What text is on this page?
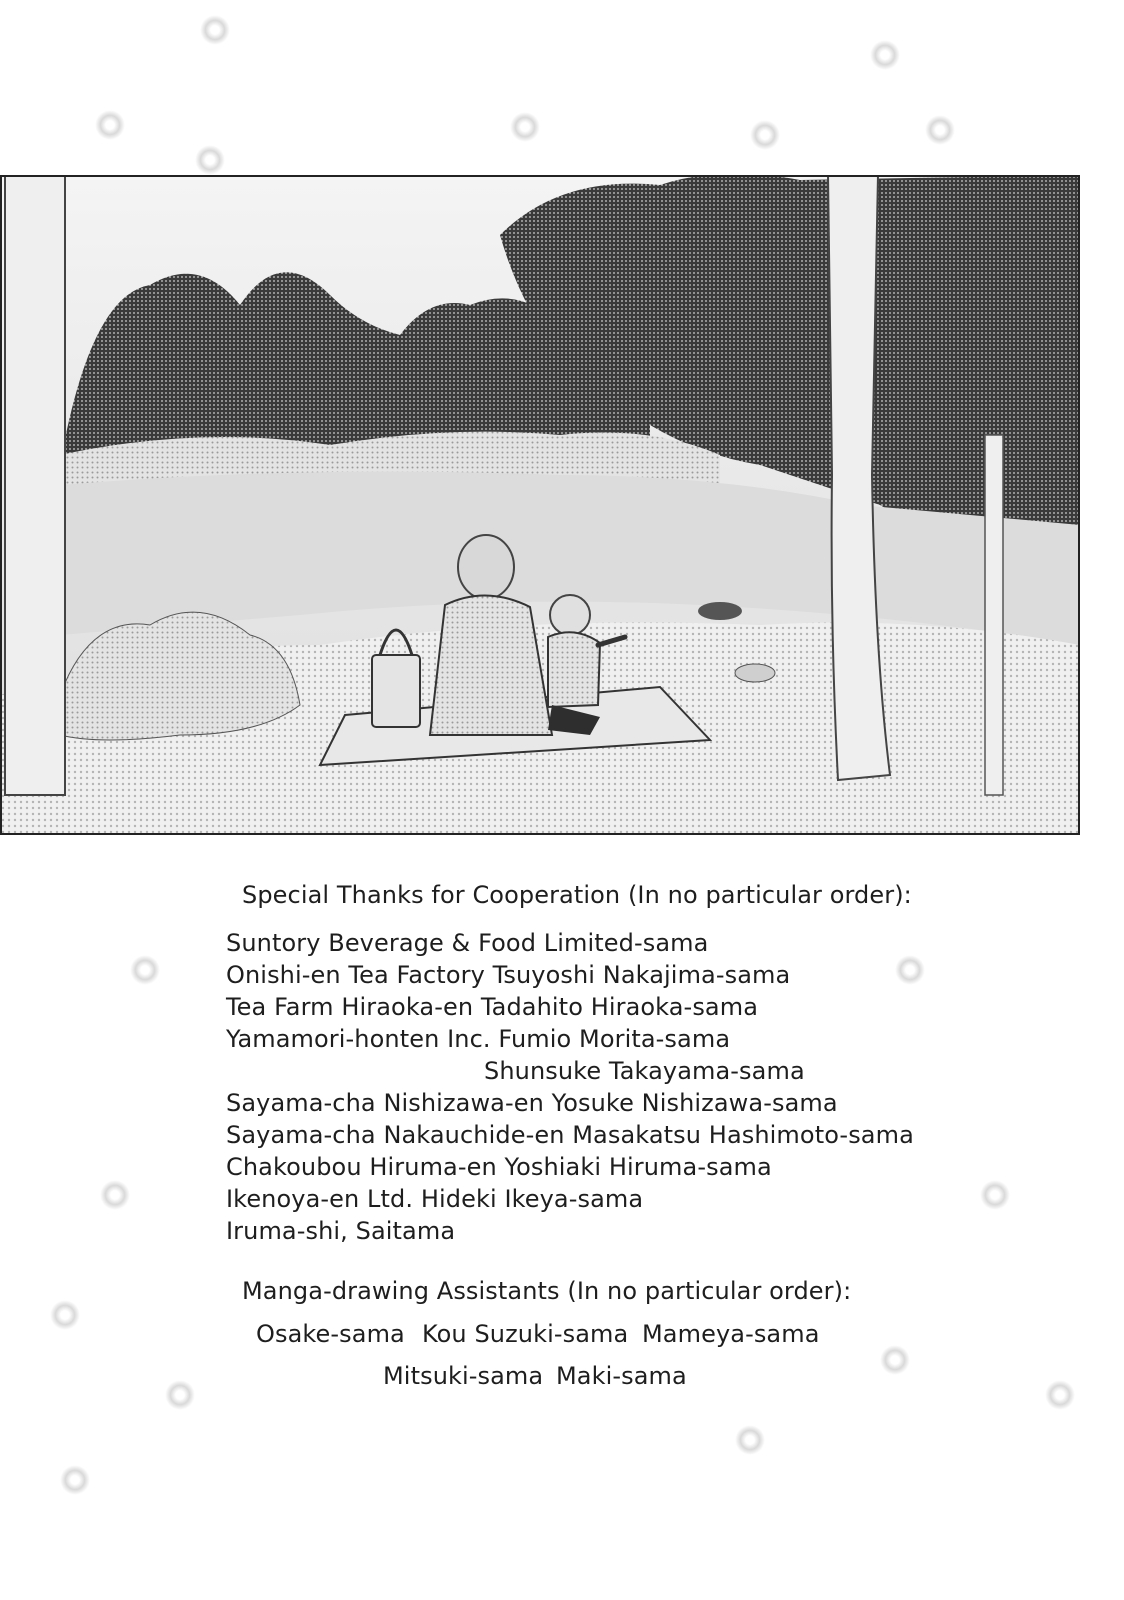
Special Thanks for Cooperation (In no particular order):
Suntory Beverage & Food Limited-sama
Onishi-en Tea Factory Tsuyoshi Nakajima-sama
Tea Farm Hiraoka-en Tadahito Hiraoka-sama
Yamamori-honten Inc. Fumio Morita-sama
Shunsuke Takayama-sama
Sayama-cha Nishizawa-en Yosuke Nishizawa-sama
Sayama-cha Nakauchide-en Masakatsu Hashimoto-sama
Chakoubou Hiruma-en Yoshiaki Hiruma-sama
Ikenoya-en Ltd. Hideki Ikeya-sama
Iruma-shi, Saitama
Manga-drawing Assistants (In no particular order):
Osake-sama Kou Suzuki-sama Mameya-sama
Mitsuki-sama Maki-sama
